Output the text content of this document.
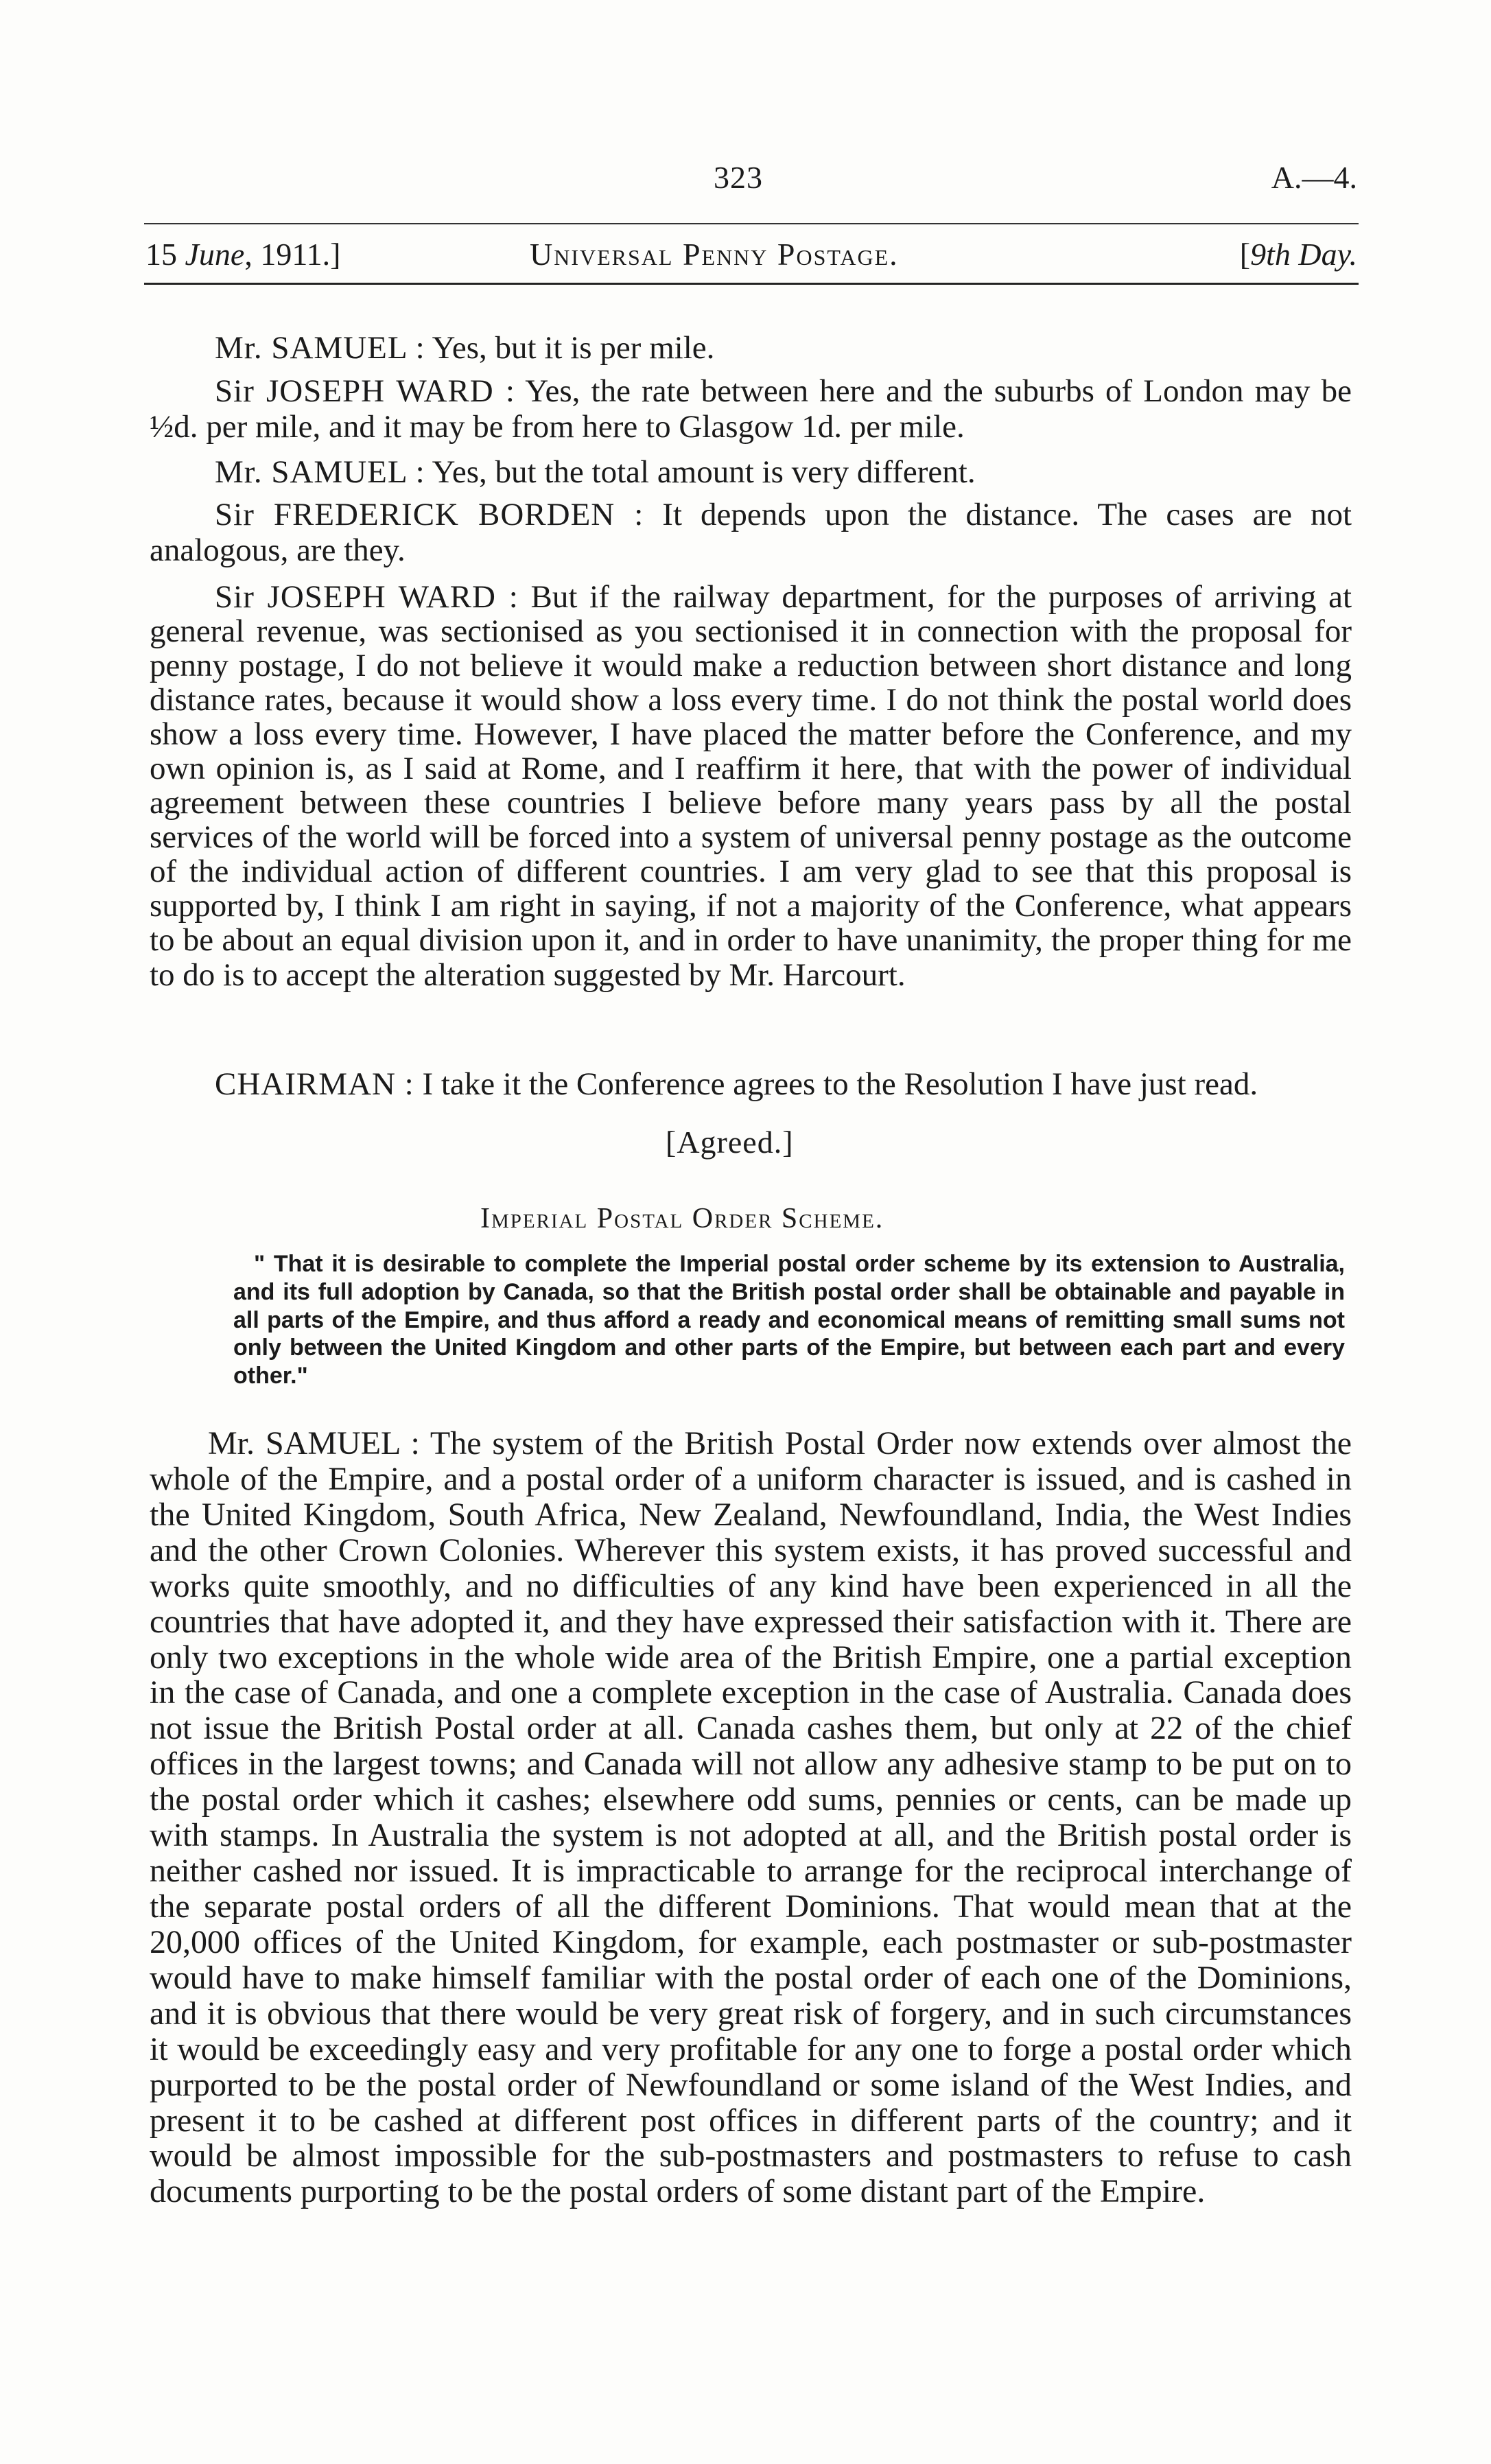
323	A.—4.
15 June, 1911.]	Universal Penny Postage.	[9th Day.

Mr. SAMUEL : Yes, but it is per mile.

Sir JOSEPH WARD : Yes, the rate between here and the suburbs of London may be ½d. per mile, and it may be from here to Glasgow 1d. per mile.

Mr. SAMUEL : Yes, but the total amount is very different.

Sir FREDERICK BORDEN : It depends upon the distance. The cases are not analogous, are they.

Sir JOSEPH WARD : But if the railway department, for the purposes of arriving at general revenue, was sectionised as you sectionised it in connection with the proposal for penny postage, I do not believe it would make a reduction between short distance and long distance rates, because it would show a loss every time. I do not think the postal world does show a loss every time. However, I have placed the matter before the Conference, and my own opinion is, as I said at Rome, and I reaffirm it here, that with the power of individual agreement between these countries I believe before many years pass by all the postal services of the world will be forced into a system of universal penny postage as the outcome of the individual action of different countries. I am very glad to see that this proposal is supported by, I think I am right in saying, if not a majority of the Conference, what appears to be about an equal division upon it, and in order to have unanimity, the proper thing for me to do is to accept the alteration suggested by Mr. Harcourt.

CHAIRMAN : I take it the Conference agrees to the Resolution I have just read.

[Agreed.]
Imperial Postal Order Scheme.

" That it is desirable to complete the Imperial postal order scheme by its extension to Australia, and its full adoption by Canada, so that the British postal order shall be obtainable and payable in all parts of the Empire, and thus afford a ready and economical means of remitting small sums not only between the United Kingdom and other parts of the Empire, but between each part and every other."

Mr. SAMUEL : The system of the British Postal Order now extends over almost the whole of the Empire, and a postal order of a uniform character is issued, and is cashed in the United Kingdom, South Africa, New Zealand, Newfoundland, India, the West Indies and the other Crown Colonies. Wherever this system exists, it has proved successful and works quite smoothly, and no difficulties of any kind have been experienced in all the countries that have adopted it, and they have expressed their satisfaction with it. There are only two exceptions in the whole wide area of the British Empire, one a partial exception in the case of Canada, and one a complete exception in the case of Australia. Canada does not issue the British Postal order at all. Canada cashes them, but only at 22 of the chief offices in the largest towns; and Canada will not allow any adhesive stamp to be put on to the postal order which it cashes; elsewhere odd sums, pennies or cents, can be made up with stamps. In Australia the system is not adopted at all, and the British postal order is neither cashed nor issued. It is impracticable to arrange for the reciprocal interchange of the separate postal orders of all the different Dominions. That would mean that at the 20,000 offices of the United Kingdom, for example, each postmaster or sub-postmaster would have to make himself familiar with the postal order of each one of the Dominions, and it is obvious that there would be very great risk of forgery, and in such circumstances it would be exceedingly easy and very profitable for any one to forge a postal order which purported to be the postal order of Newfoundland or some island of the West Indies, and present it to be cashed at different post offices in different parts of the country; and it would be almost impossible for the sub-postmasters and postmasters to refuse to cash documents purporting to be the postal orders of some distant part of the Empire.
